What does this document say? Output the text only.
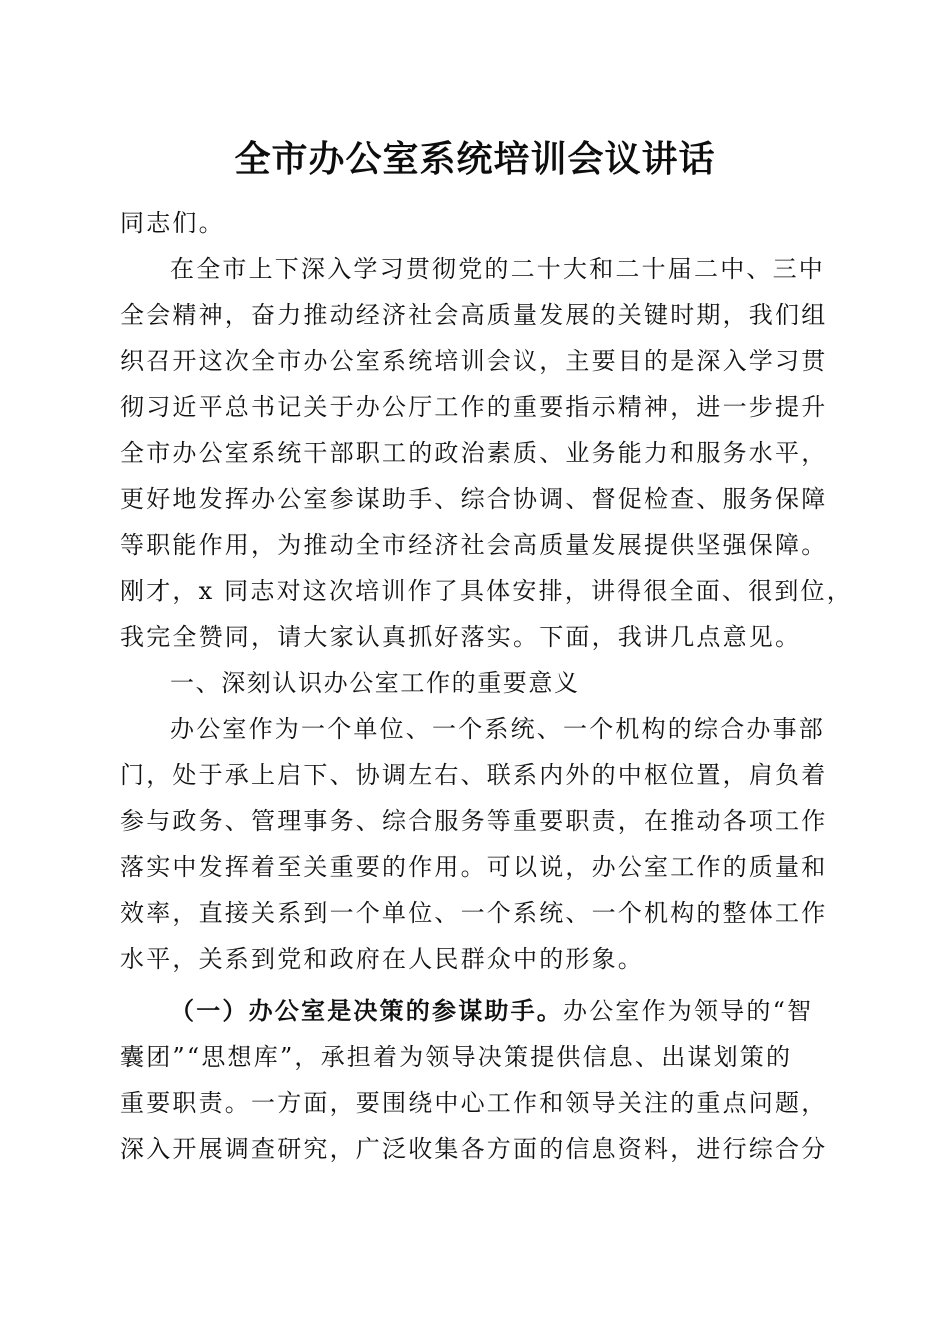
全市办公室系统培训会议讲话
同志们。
在全市上下深入学习贯彻党的二十大和二十届二中、三中
全会精神，奋力推动经济社会高质量发展的关键时期，我们组
织召开这次全市办公室系统培训会议，主要目的是深入学习贯
彻习近平总书记关于办公厅工作的重要指示精神，进一步提升
全市办公室系统干部职工的政治素质、业务能力和服务水平，
更好地发挥办公室参谋助手、综合协调、督促检查、服务保障
等职能作用，为推动全市经济社会高质量发展提供坚强保障。
刚才，x 同志对这次培训作了具体安排，讲得很全面、很到位，
我完全赞同，请大家认真抓好落实。下面，我讲几点意见。
一、深刻认识办公室工作的重要意义
办公室作为一个单位、一个系统、一个机构的综合办事部
门，处于承上启下、协调左右、联系内外的中枢位置，肩负着
参与政务、管理事务、综合服务等重要职责，在推动各项工作
落实中发挥着至关重要的作用。可以说，办公室工作的质量和
效率，直接关系到一个单位、一个系统、一个机构的整体工作
水平，关系到党和政府在人民群众中的形象。
（一）办公室是决策的参谋助手。办公室作为领导的“智
囊团”“思想库”，承担着为领导决策提供信息、出谋划策的
重要职责。一方面，要围绕中心工作和领导关注的重点问题，
深入开展调查研究，广泛收集各方面的信息资料，进行综合分
